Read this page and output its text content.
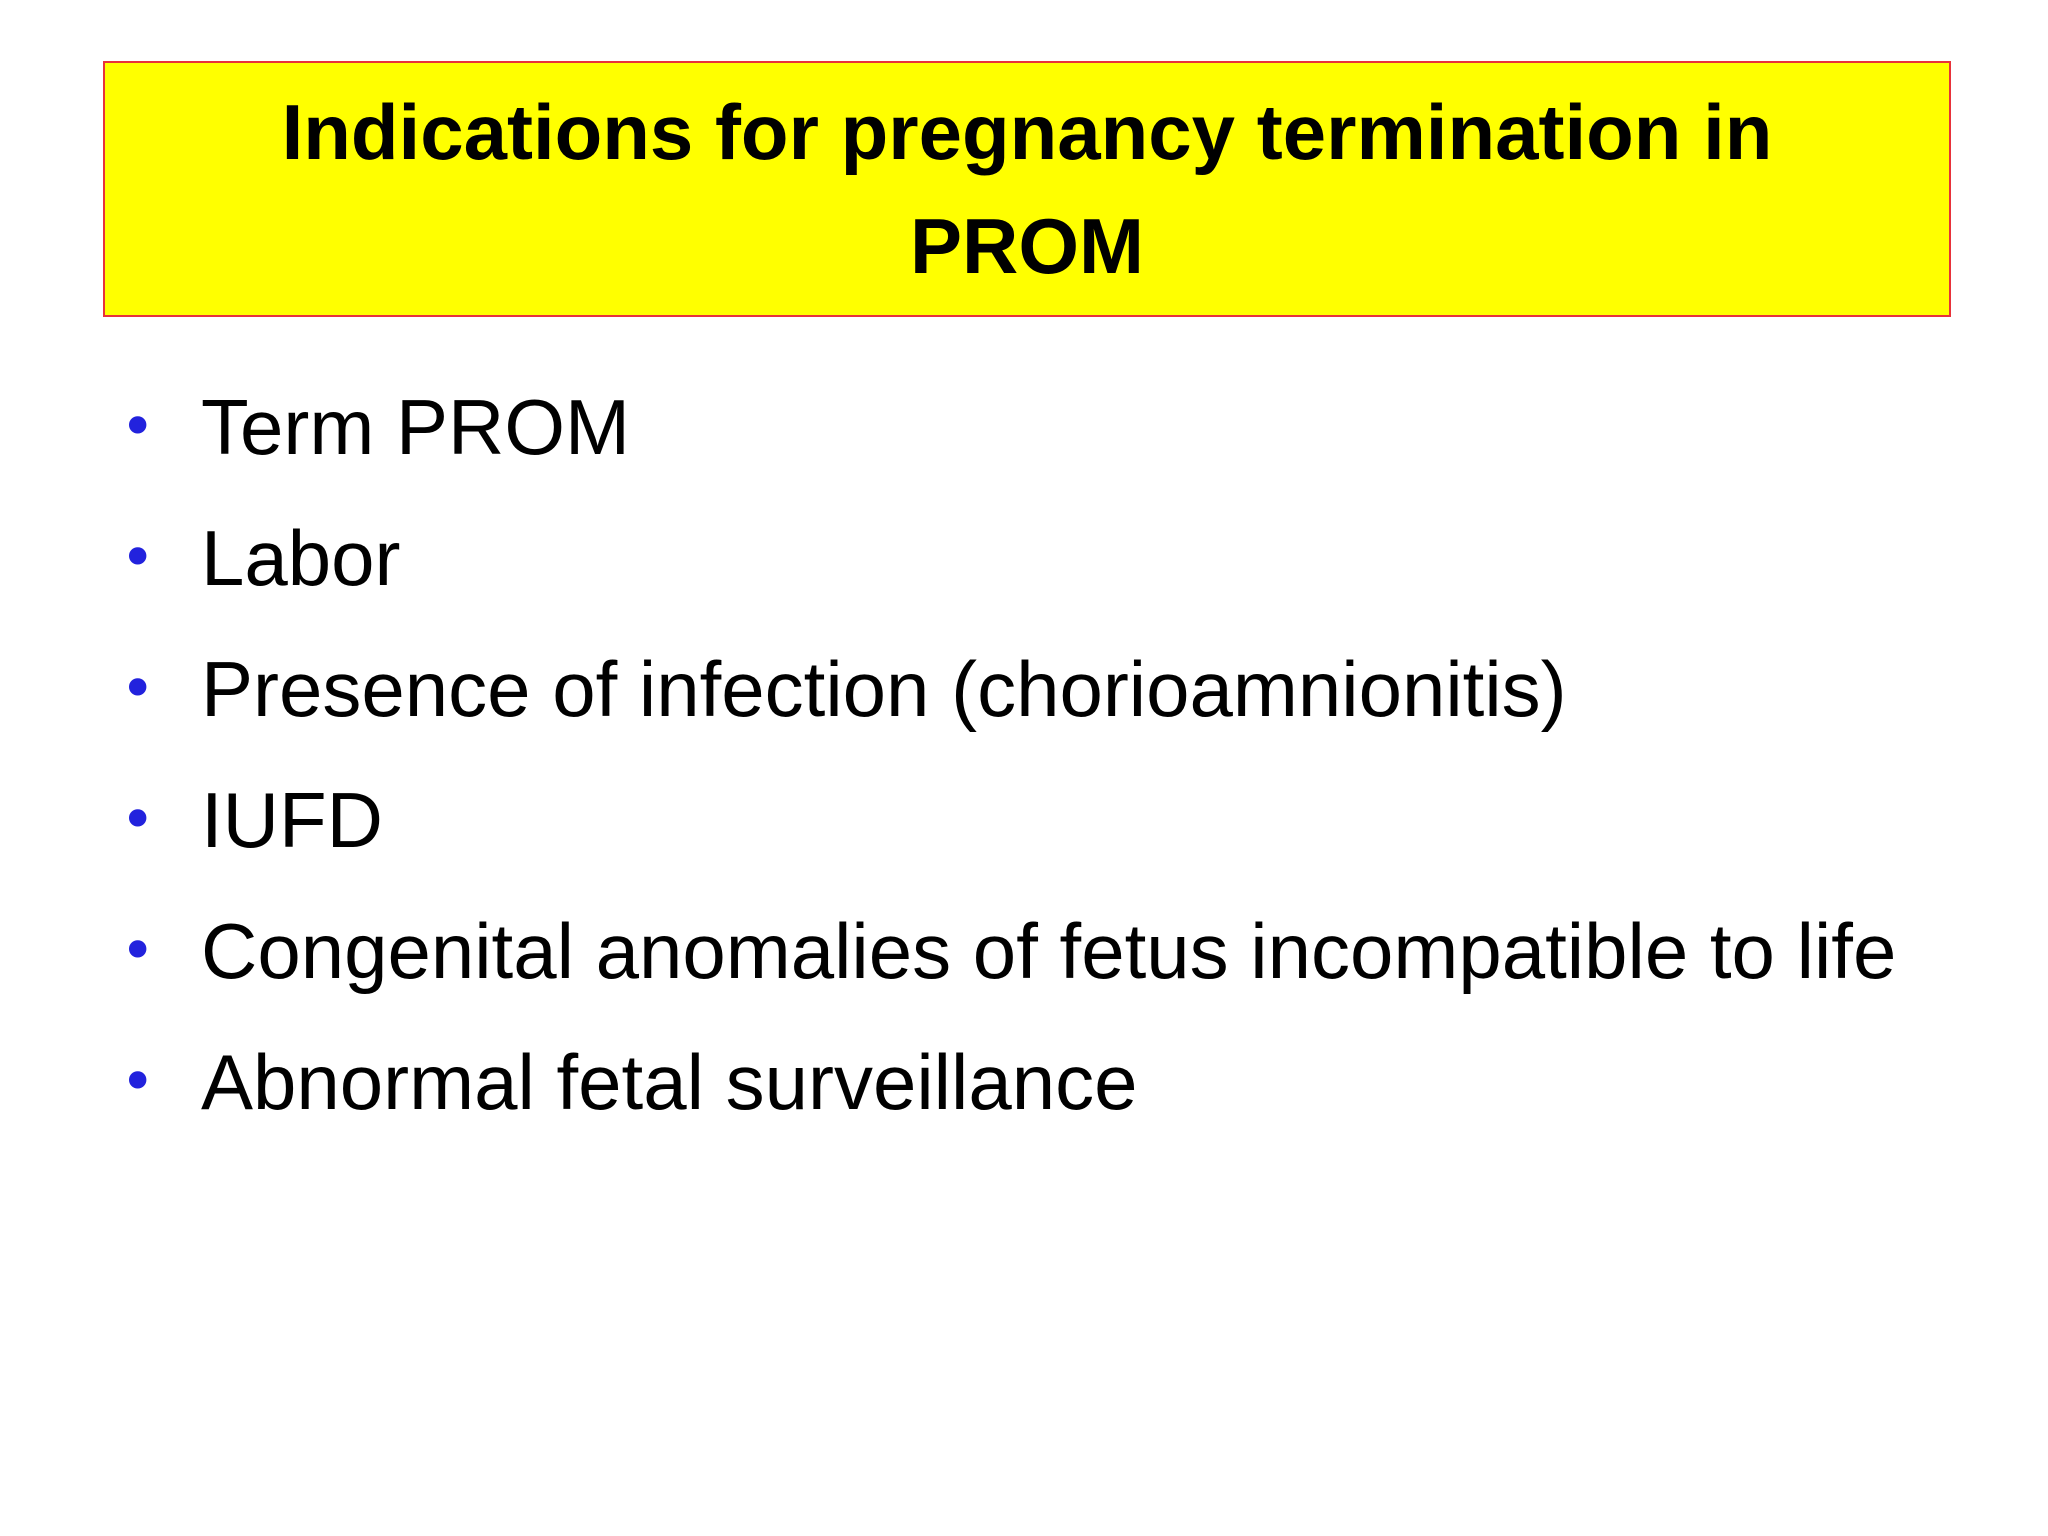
Indications for pregnancy termination in PROM
• Term PROM
• Labor
• Presence of infection (chorioamnionitis)
• IUFD
• Congenital anomalies of fetus incompatible to life
• Abnormal fetal surveillance
